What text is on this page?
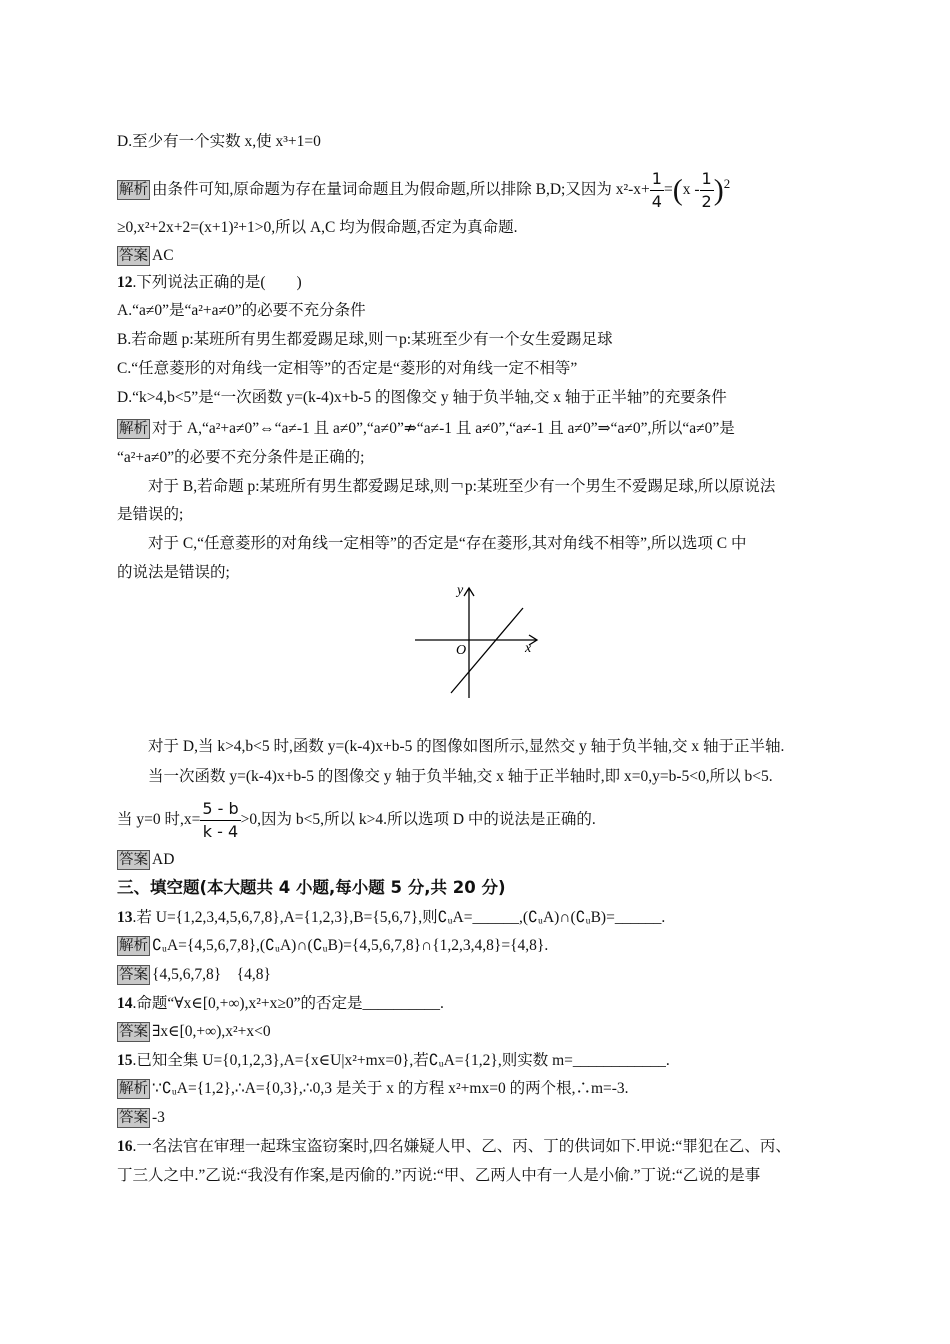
D.至少有一个实数 x,使 x³+1=0
解析 由条件可知,原命题为存在量词命题且为假命题,所以排除 B,D;又因为 $x^2-x+ \frac{1}{4} =(x - \frac{1}{2} )^2$
≥0,x²+2x+2=(x+1)²+1>0,所以 A,C 均为假命题,否定为真命题.
答案 AC
12.下列说法正确的是(　　)
A.“a≠0”是“a²+a≠0”的必要不充分条件
B.若命题 p:某班所有男生都爱踢足球,则￢p:某班至少有一个女生爱踢足球
C.“任意菱形的对角线一定相等”的否定是“菱形的对角线一定不相等”
D.“k>4,b<5”是“一次函数 y=(k-4)x+b-5 的图像交 y 轴于负半轴,交 x 轴于正半轴”的充要条件
解析 对于 A,“a²+a≠0”⇔“a≠-1 且 a≠0”,“a≠0”⇏“a≠-1 且 a≠0”,“a≠-1 且 a≠0”⇒“a≠0”,所以“a≠0”是
“a²+a≠0”的必要不充分条件是正确的;
对于 B,若命题 p:某班所有男生都爱踢足球,则￢p:某班至少有一个男生不爱踢足球,所以原说法
是错误的;
对于 C,“任意菱形的对角线一定相等”的否定是“存在菱形,其对角线不相等”,所以选项 C 中
的说法是错误的;
y
x
O
对于 D,当 k>4,b<5 时,函数 y=(k-4)x+b-5 的图像如图所示,显然交 y 轴于负半轴,交 x 轴于正半轴.
当一次函数 y=(k-4)x+b-5 的图像交 y 轴于负半轴,交 x 轴于正半轴时,即 x=0,y=b-5<0,所以 b<5.
当 y=0 时$,x= \frac{5 - b}{k - 4} >0$,因为 b<5,所以 k>4.所以选项 D 中的说法是正确的.
答案 AD
三、填空题(本大题共 4 小题,每小题 5 分,共 20 分)
13.若 U={1,2,3,4,5,6,7,8},A={1,2,3},B={5,6,7},则∁ᵤA=______,(∁ᵤA)∩(∁ᵤB)=______.
解析 ∁ᵤA={4,5,6,7,8},(∁ᵤA)∩(∁ᵤB)={4,5,6,7,8}∩{1,2,3,4,8}={4,8}.
答案 {4,5,6,7,8}　{4,8}
14.命题“∀x∈[0,+∞),x²+x≥0”的否定是__________.
答案 ∃x∈[0,+∞),x²+x<0
15.已知全集 U={0,1,2,3},A={x∈U|x²+mx=0},若∁ᵤA={1,2},则实数 m=____________.
解析 ∵∁ᵤA={1,2},∴A={0,3},∴0,3 是关于 x 的方程 x²+mx=0 的两个根,∴m=-3.
答案 -3
16.一名法官在审理一起珠宝盗窃案时,四名嫌疑人甲、乙、丙、丁的供词如下.甲说:“罪犯在乙、丙、
丁三人之中.”乙说:“我没有作案,是丙偷的.”丙说:“甲、乙两人中有一人是小偷.”丁说:“乙说的是事
